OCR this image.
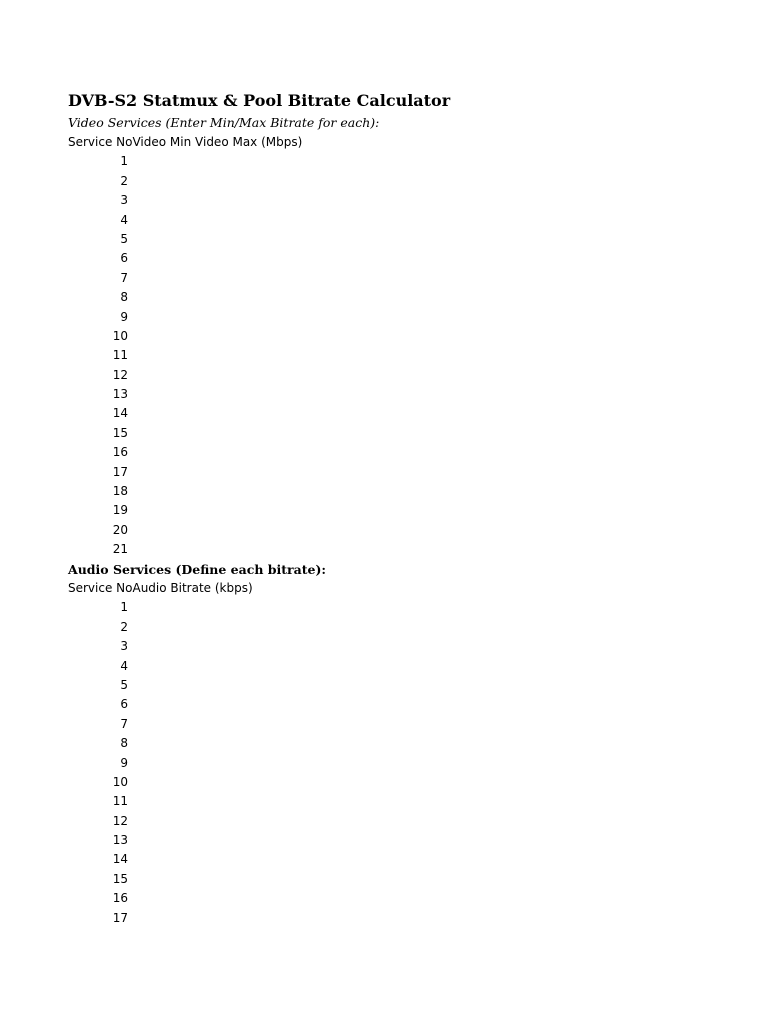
DVB-S2 Statmux & Pool Bitrate Calculator
Video Services (Enter Min/Max Bitrate for each):
Service No Video Min Video Max (Mbps)
1
2
3
4
5
6
7
8
9
10
11
12
13
14
15
16
17
18
19
20
21
Audio Services (Define each bitrate):
Service No Audio Bitrate (kbps)
1
2
3
4
5
6
7
8
9
10
11
12
13
14
15
16
17
